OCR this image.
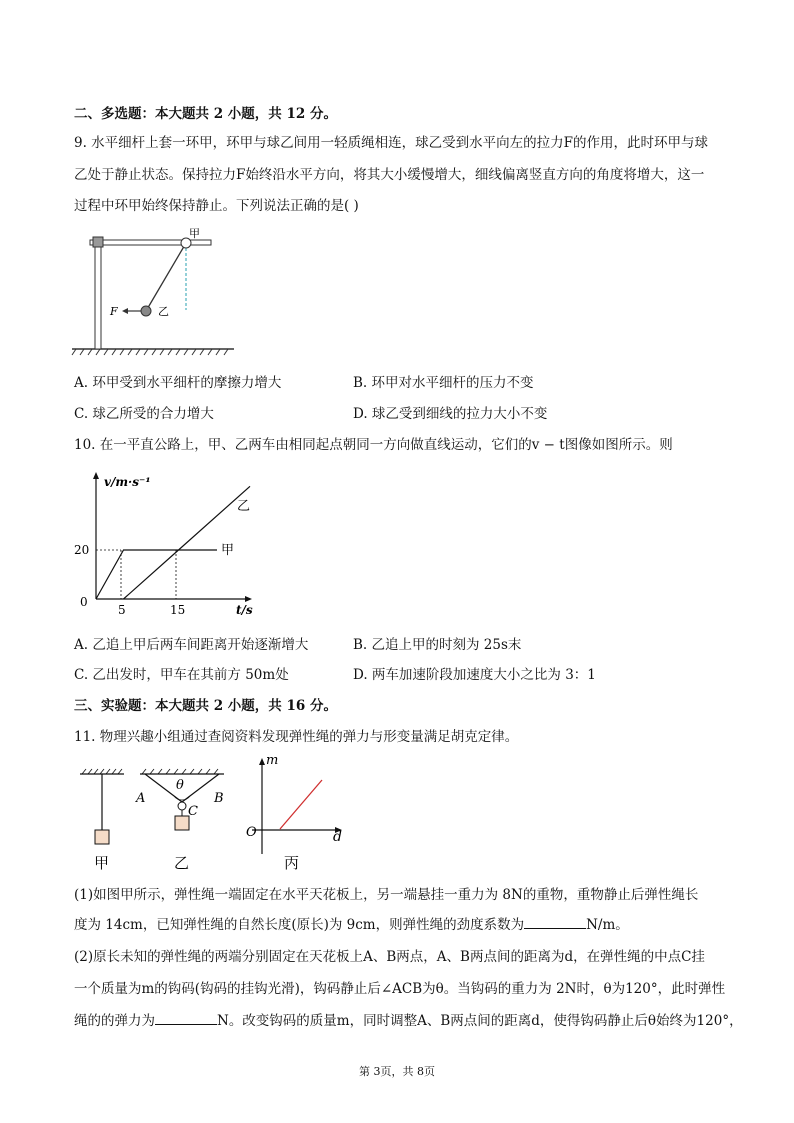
二、多选题：本大题共 2 小题，共 12 分。
9. 水平细杆上套一环甲，环甲与球乙间用一轻质绳相连，球乙受到水平向左的拉力F的作用，此时环甲与球
乙处于静止状态。保持拉力F始终沿水平方向，将其大小缓慢增大，细线偏离竖直方向的角度将增大，这一
过程中环甲始终保持静止。下列说法正确的是( )
甲
乙
F
A. 环甲受到水平细杆的摩擦力增大	B. 环甲对水平细杆的压力不变
C. 球乙所受的合力增大	D. 球乙受到细线的拉力大小不变
10. 在一平直公路上，甲、乙两车由相同起点朝同一方向做直线运动，它们的v − t图像如图所示。则
v/m·s⁻¹
t/s
20
0
5	15
乙
甲
A. 乙追上甲后两车间距离开始逐渐增大	B. 乙追上甲的时刻为 25s末
C. 乙出发时，甲车在其前方 50m处	D. 两车加速阶段加速度大小之比为 3：1
三、实验题：本大题共 2 小题，共 16 分。
11. 物理兴趣小组通过查阅资料发现弹性绳的弹力与形变量满足胡克定律。
甲
A
θ
B
C
乙
m
O	d
丙
(1)如图甲所示，弹性绳一端固定在水平天花板上，另一端悬挂一重力为 8N的重物，重物静止后弹性绳长
度为 14cm，已知弹性绳的自然长度(原长)为 9cm，则弹性绳的劲度系数为	N/m。
(2)原长未知的弹性绳的两端分别固定在天花板上A、B两点，A、B两点间的距离为d，在弹性绳的中点C挂
一个质量为m的钩码(钩码的挂钩光滑)，钩码静止后∠ACB为θ。当钩码的重力为 2N时，θ为120°，此时弹性
绳的的弹力为	N。改变钩码的质量m，同时调整A、B两点间的距离d，使得钩码静止后θ始终为120°，
第 3页，共 8页
